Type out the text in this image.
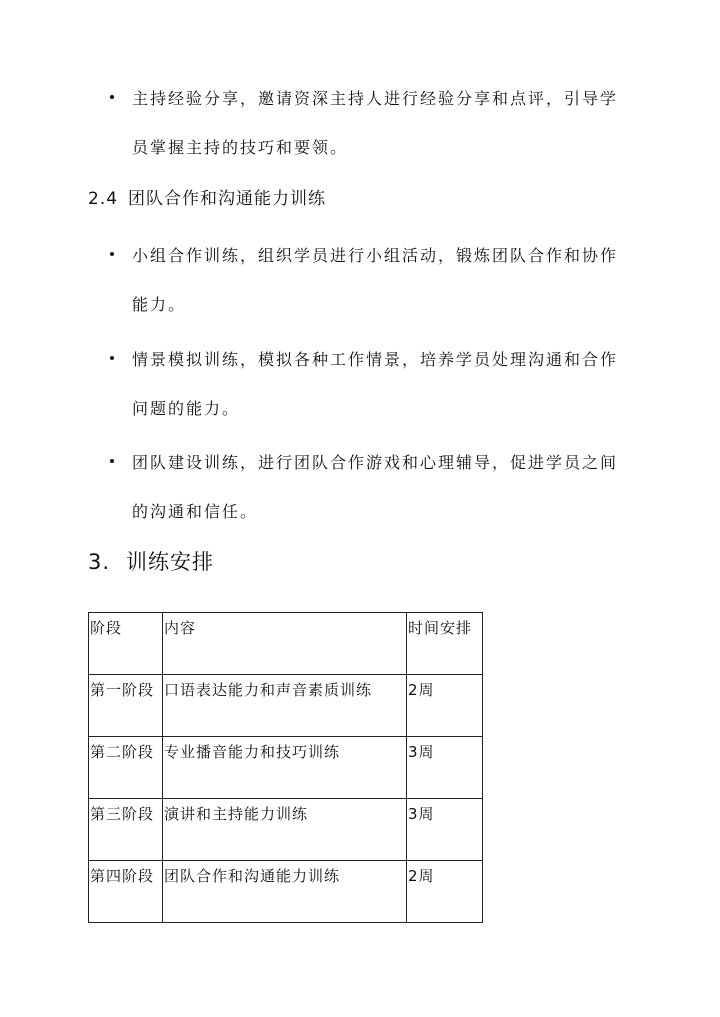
主持经验分享，邀请资深主持人进行经验分享和点评，引导学员掌握主持的技巧和要领。
2.4 团队合作和沟通能力训练
小组合作训练，组织学员进行小组活动，锻炼团队合作和协作能力。
情景模拟训练，模拟各种工作情景，培养学员处理沟通和合作问题的能力。
团队建设训练，进行团队合作游戏和心理辅导，促进学员之间的沟通和信任。
3. 训练安排
阶段	内容	时间安排
第一阶段	口语表达能力和声音素质训练	2周
第二阶段	专业播音能力和技巧训练	3周
第三阶段	演讲和主持能力训练	3周
第四阶段	团队合作和沟通能力训练	2周
